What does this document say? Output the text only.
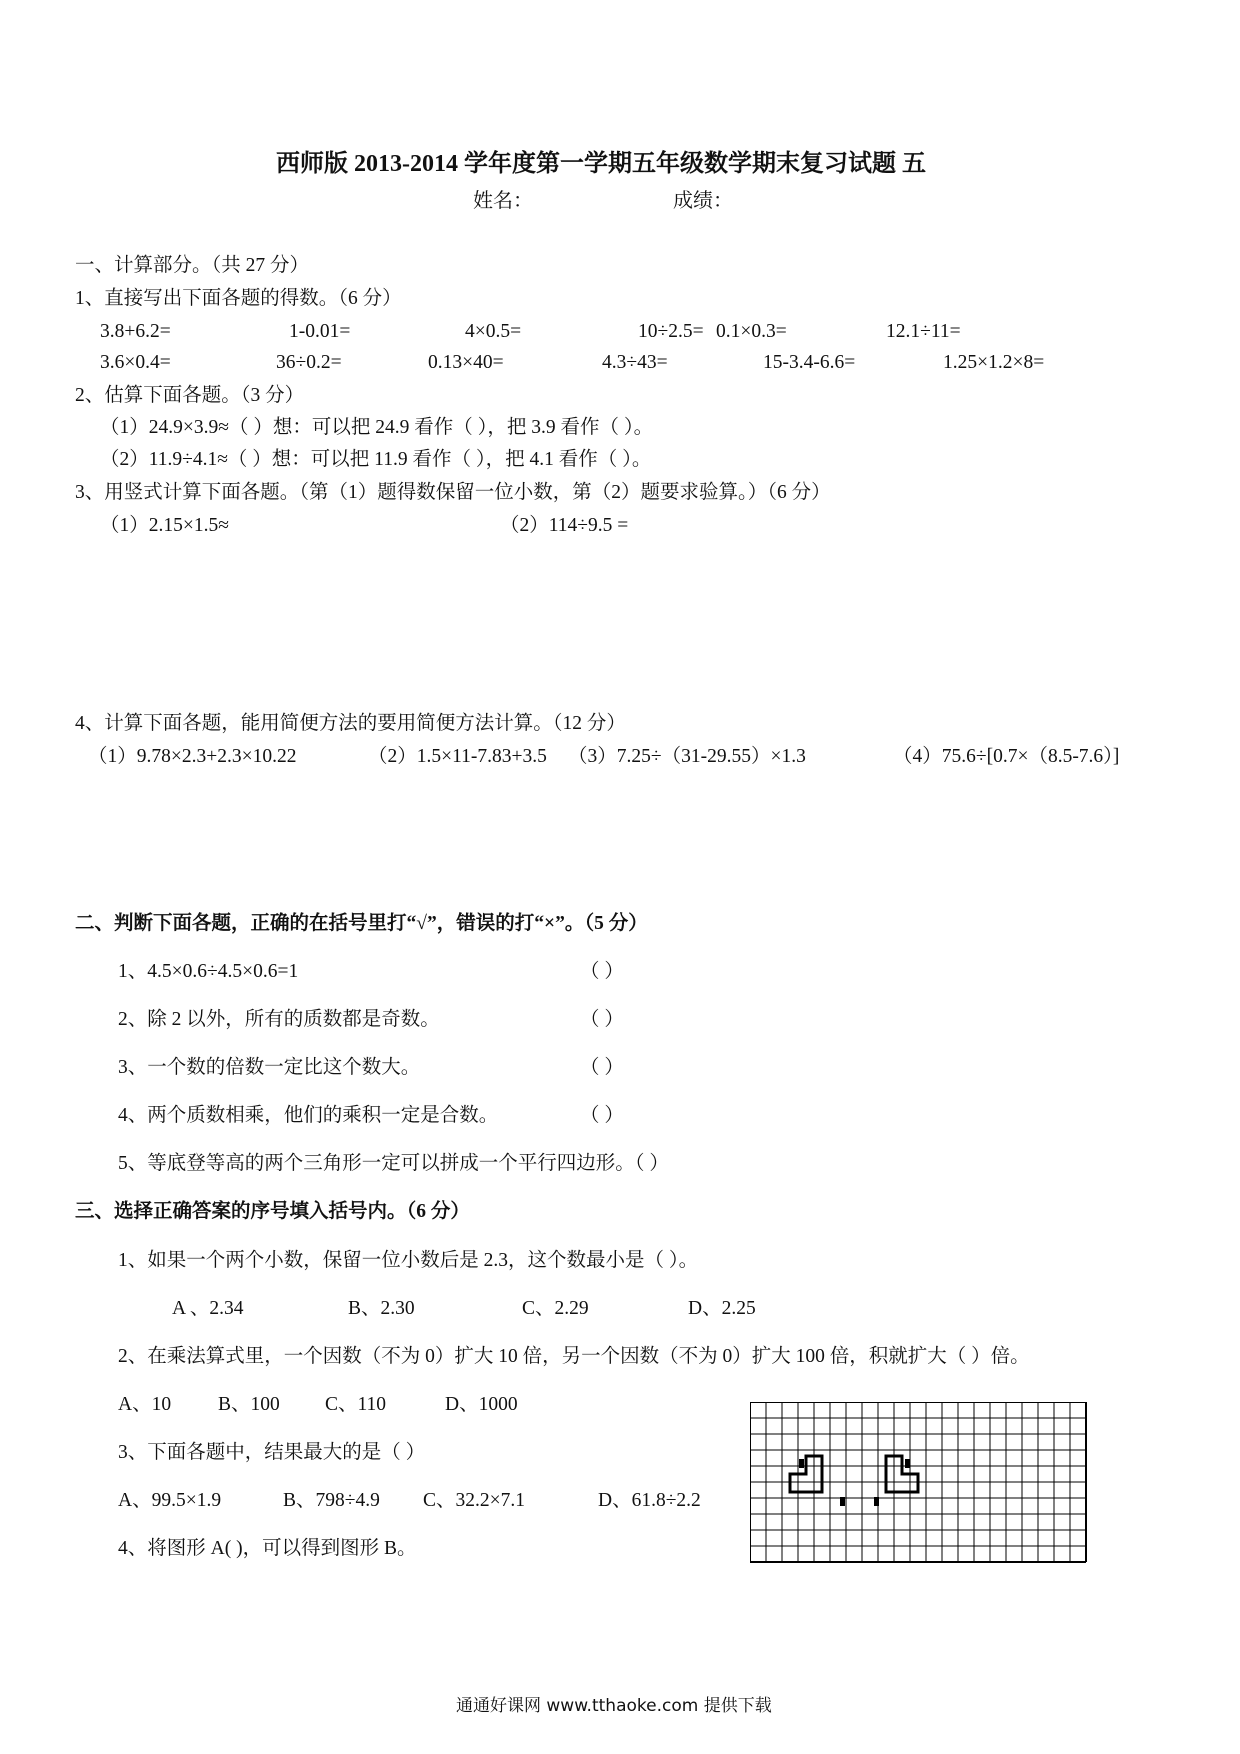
西师版 2013-2014 学年度第一学期五年级数学期末复习试题 五
姓名：	成绩：
一、计算部分。（共 27 分）
1、直接写出下面各题的得数。（6 分）
3.8+6.2=	1-0.01=	4×0.5=	10÷2.5= 0.1×0.3=	12.1÷11=
3.6×0.4=	36÷0.2=	0.13×40=	4.3÷43=	15-3.4-6.6=	1.25×1.2×8=
2、估算下面各题。（3 分）
（1）24.9×3.9≈（ ）想：可以把 24.9 看作（ ），把 3.9 看作（ ）。
（2）11.9÷4.1≈（ ）想：可以把 11.9 看作（ ），把 4.1 看作（ ）。
3、用竖式计算下面各题。（第（1）题得数保留一位小数，第（2）题要求验算。）（6 分）
（1）2.15×1.5≈	（2）114÷9.5 =
4、计算下面各题，能用简便方法的要用简便方法计算。（12 分）
（1）9.78×2.3+2.3×10.22	（2）1.5×11-7.83+3.5 （3）7.25÷（31-29.55）×1.3	（4）75.6÷[0.7×（8.5-7.6）]
二、判断下面各题，正确的在括号里打“√”，错误的打“×”。（5 分）
1、4.5×0.6÷4.5×0.6=1	（ ）
2、除 2 以外，所有的质数都是奇数。	（ ）
3、一个数的倍数一定比这个数大。	（ ）
4、两个质数相乘，他们的乘积一定是合数。	（ ）
5、等底登等高的两个三角形一定可以拼成一个平行四边形。（ ）
三、选择正确答案的序号填入括号内。（6 分）
1、如果一个两个小数，保留一位小数后是 2.3，这个数最小是（ ）。
A 、2.34	B、2.30	C、2.29	D、2.25
2、在乘法算式里，一个因数（不为 0）扩大 10 倍，另一个因数（不为 0）扩大 100 倍，积就扩大（ ）倍。
A、10 B、100 C、110	D、1000
3、下面各题中，结果最大的是（ ）
A、99.5×1.9	B、798÷4.9 C、32.2×7.1	D、61.8÷2.2
4、将图形 A( )，可以得到图形 B。
通通好课网 www.tthaoke.com 提供下载
